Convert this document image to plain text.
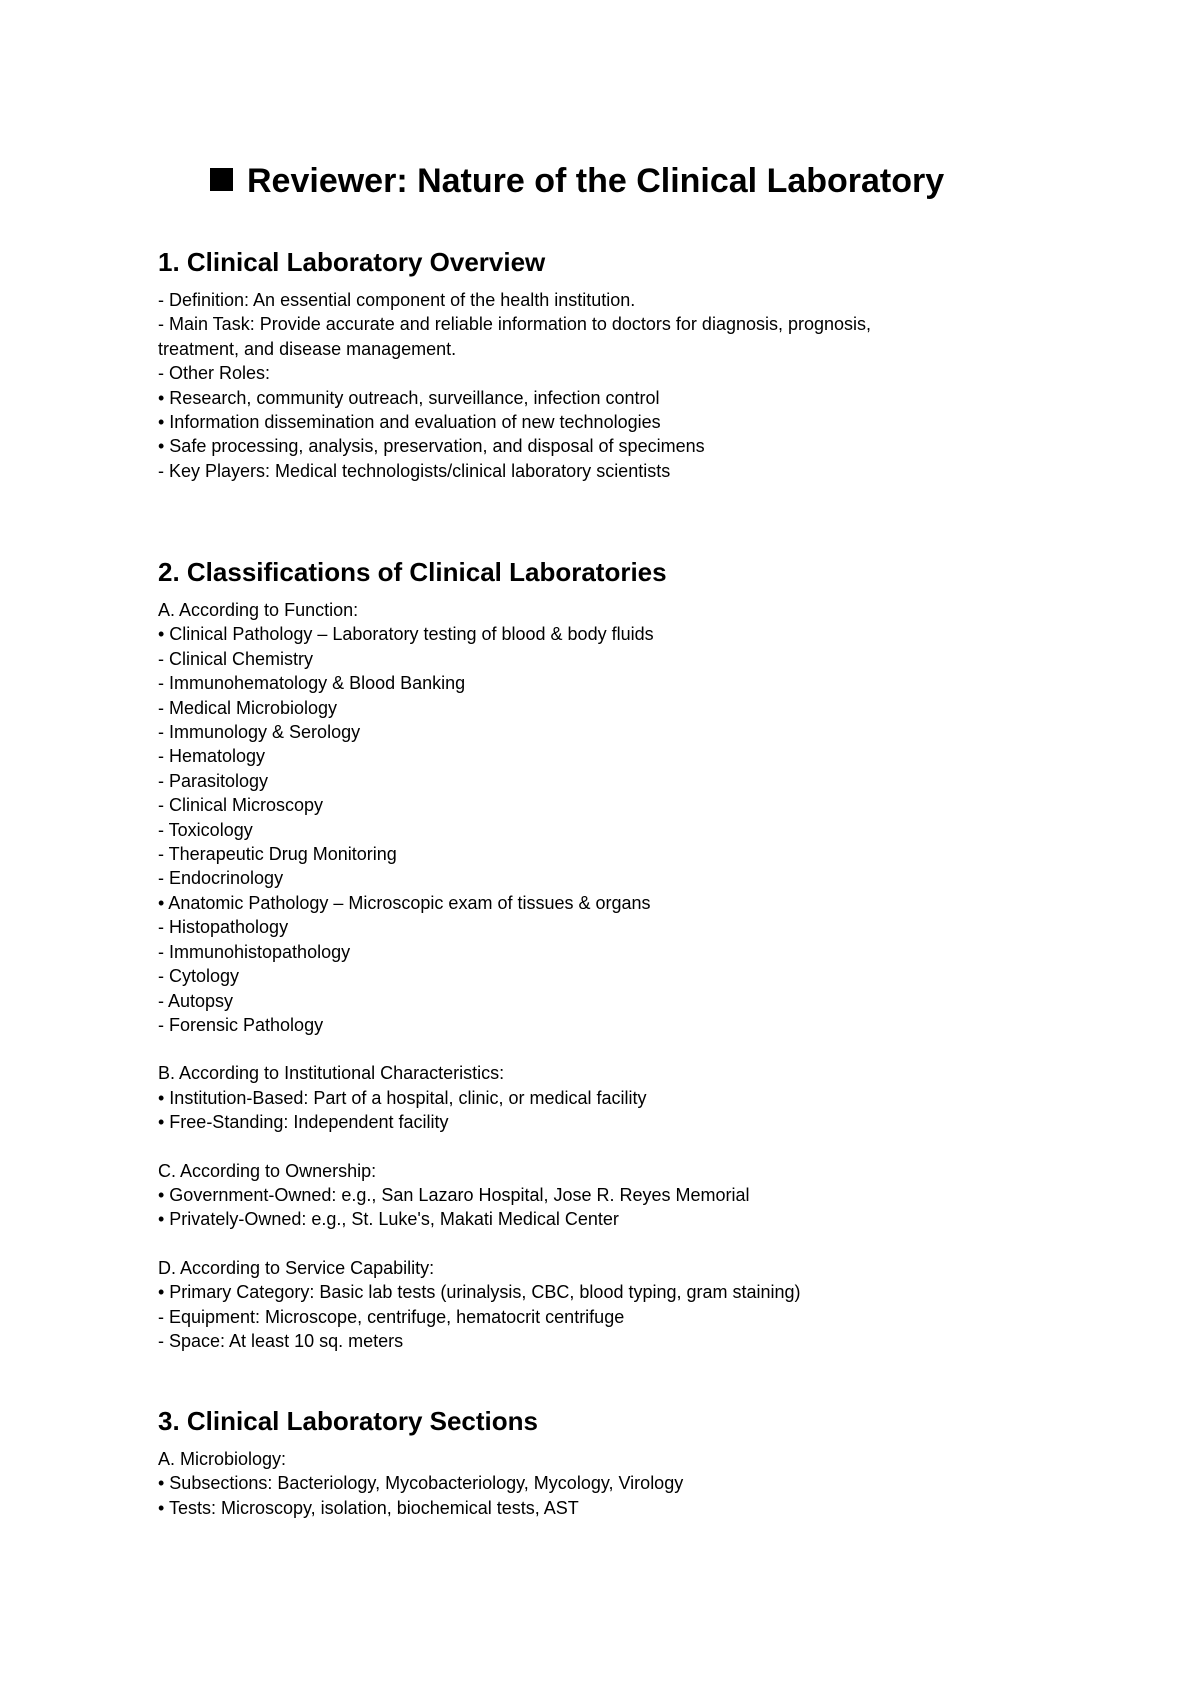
Reviewer: Nature of the Clinical Laboratory
1. Clinical Laboratory Overview

- Definition: An essential component of the health institution.

- Main Task: Provide accurate and reliable information to doctors for diagnosis, prognosis,

treatment, and disease management.

- Other Roles:

• Research, community outreach, surveillance, infection control

• Information dissemination and evaluation of new technologies

• Safe processing, analysis, preservation, and disposal of specimens

- Key Players: Medical technologists/clinical laboratory scientists

2. Classifications of Clinical Laboratories

A. According to Function:

• Clinical Pathology – Laboratory testing of blood & body fluids

- Clinical Chemistry

- Immunohematology & Blood Banking

- Medical Microbiology

- Immunology & Serology

- Hematology

- Parasitology

- Clinical Microscopy

- Toxicology

- Therapeutic Drug Monitoring

- Endocrinology

• Anatomic Pathology – Microscopic exam of tissues & organs

- Histopathology

- Immunohistopathology

- Cytology

- Autopsy

- Forensic Pathology

B. According to Institutional Characteristics:

• Institution-Based: Part of a hospital, clinic, or medical facility

• Free-Standing: Independent facility

C. According to Ownership:

• Government-Owned: e.g., San Lazaro Hospital, Jose R. Reyes Memorial

• Privately-Owned: e.g., St. Luke's, Makati Medical Center

D. According to Service Capability:

• Primary Category: Basic lab tests (urinalysis, CBC, blood typing, gram staining)

- Equipment: Microscope, centrifuge, hematocrit centrifuge

- Space: At least 10 sq. meters

3. Clinical Laboratory Sections

A. Microbiology:

• Subsections: Bacteriology, Mycobacteriology, Mycology, Virology

• Tests: Microscopy, isolation, biochemical tests, AST
